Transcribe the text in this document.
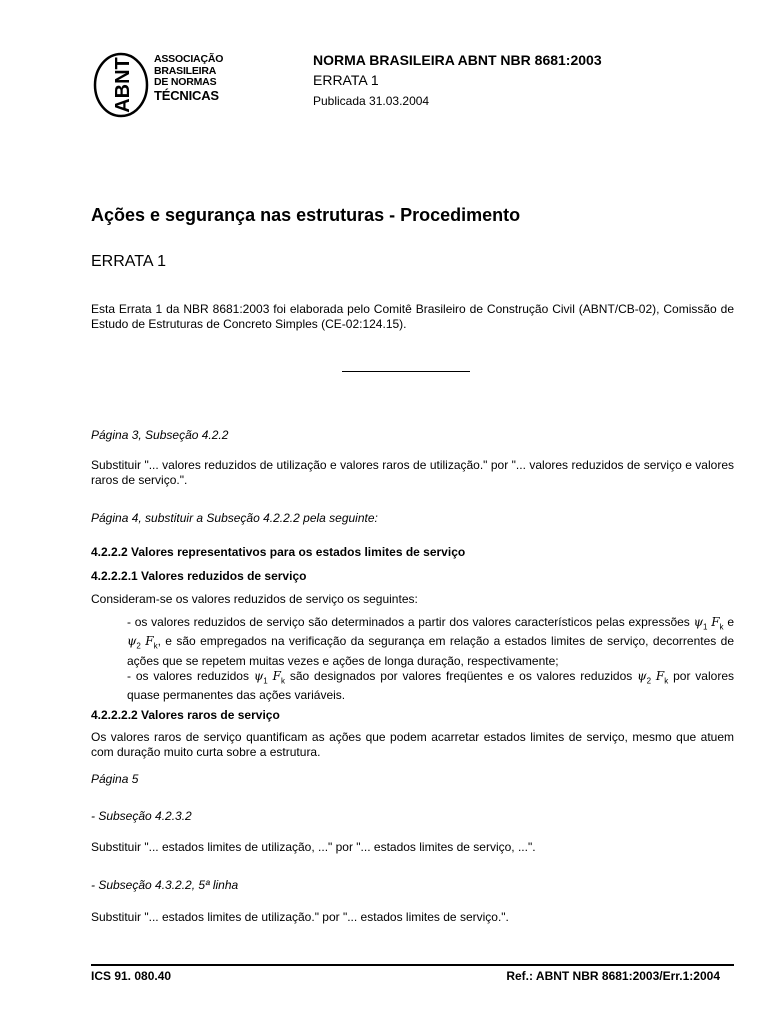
ABNT ASSOCIAÇÃO
BRASILEIRA
DE NORMAS
TÉCNICAS
NORMA BRASILEIRA ABNT NBR 8681:2003
ERRATA 1
Publicada 31.03.2004
Ações e segurança nas estruturas - Procedimento
ERRATA 1
Esta Errata 1 da NBR 8681:2003 foi elaborada pelo Comitê Brasileiro de Construção Civil (ABNT/CB-02), Comissão de Estudo de Estruturas de Concreto Simples (CE-02:124.15).
Página 3, Subseção 4.2.2
Substituir "... valores reduzidos de utilização e valores raros de utilização." por "... valores reduzidos de serviço e valores raros de serviço.".
Página 4, substituir a Subseção 4.2.2.2 pela seguinte:
4.2.2.2 Valores representativos para os estados limites de serviço
4.2.2.2.1 Valores reduzidos de serviço
Consideram-se os valores reduzidos de serviço os seguintes:
- os valores reduzidos de serviço são determinados a partir dos valores característicos pelas expressões $\psi_1$ $F_k$ e $\psi_2$ $F_k$, e são empregados na verificação da segurança em relação a estados limites de serviço, decorrentes de ações que se repetem muitas vezes e ações de longa duração, respectivamente;
- os valores reduzidos $\psi_1$ $F_k$ são designados por valores freqüentes e os valores reduzidos $\psi_2$ $F_k$ por valores quase permanentes das ações variáveis.
4.2.2.2.2 Valores raros de serviço
Os valores raros de serviço quantificam as ações que podem acarretar estados limites de serviço, mesmo que atuem com duração muito curta sobre a estrutura.
Página 5
- Subseção 4.2.3.2
Substituir "... estados limites de utilização, ..." por "... estados limites de serviço, ...".
- Subseção 4.3.2.2, 5ª linha
Substituir "... estados limites de utilização." por "... estados limites de serviço.".
ICS 91. 080.40	Ref.: ABNT NBR 8681:2003/Err.1:2004
